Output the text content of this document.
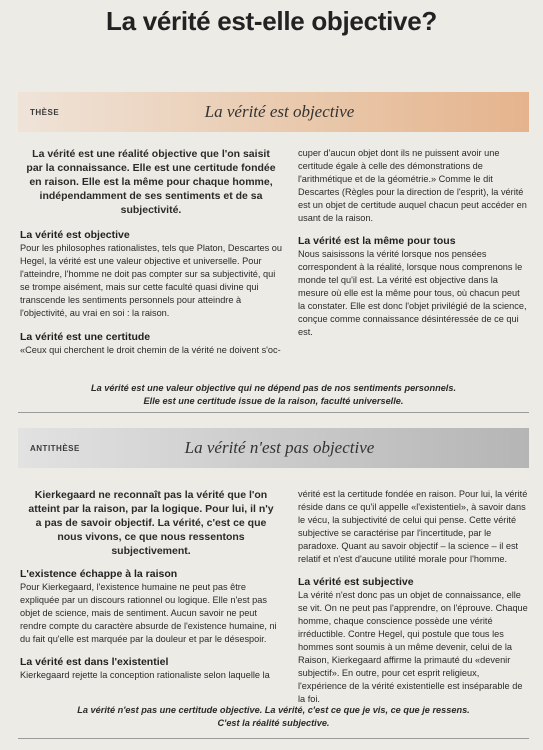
La vérité est-elle objective?
THÈSE	La vérité est objective

La vérité est une réalité objective que l'on saisit par la connaissance. Elle est une certitude fondée en raison. Elle est la même pour chaque homme, indépendamment de ses sentiments et de sa subjectivité.

La vérité est objective

Pour les philosophes rationalistes, tels que Platon, Descartes ou Hegel, la vérité est une valeur objective et universelle. Pour l'atteindre, l'homme ne doit pas compter sur sa subjectivité, qui se trompe aisément, mais sur cette faculté quasi divine qui transcende les sentiments personnels pour atteindre à l'objectivité, au vrai en soi : la raison.

La vérité est une certitude

«Ceux qui cherchent le droit chemin de la vérité ne doivent s'oc-

cuper d'aucun objet dont ils ne puissent avoir une certitude égale à celle des démonstrations de l'arithmétique et de la géométrie.» Comme le dit Descartes (Règles pour la direction de l'esprit), la vérité est un objet de certitude auquel chacun peut accéder en usant de la raison.

La vérité est la même pour tous

Nous saisissons la vérité lorsque nos pensées correspondent à la réalité, lorsque nous comprenons le monde tel qu'il est. La vérité est objective dans la mesure où elle est la même pour tous, où chacun peut la constater. Elle est donc l'objet privilégié de la science, conçue comme connaissance désintéressée de ce qui est.

La vérité est une valeur objective qui ne dépend pas de nos sentiments personnels.
Elle est une certitude issue de la raison, faculté universelle.
ANTITHÈSE	La vérité n'est pas objective

Kierkegaard ne reconnaît pas la vérité que l'on atteint par la raison, par la logique. Pour lui, il n'y a pas de savoir objectif. La vérité, c'est ce que nous vivons, ce que nous ressentons subjectivement.

L'existence échappe à la raison

Pour Kierkegaard, l'existence humaine ne peut pas être expliquée par un discours rationnel ou logique. Elle n'est pas objet de science, mais de sentiment. Aucun savoir ne peut rendre compte du caractère absurde de l'existence humaine, ni du fait qu'elle est marquée par la douleur et par le désespoir.

La vérité est dans l'existentiel

Kierkegaard rejette la conception rationaliste selon laquelle la

vérité est la certitude fondée en raison. Pour lui, la vérité réside dans ce qu'il appelle «l'existentiel», à savoir dans le vécu, la subjectivité de celui qui pense. Cette vérité subjective se caractérise par l'incertitude, par le paradoxe. Quant au savoir objectif – la science – il est relatif et n'est d'aucune utilité morale pour l'homme.

La vérité est subjective

La vérité n'est donc pas un objet de connaissance, elle se vit. On ne peut pas l'apprendre, on l'éprouve. Chaque homme, chaque conscience possède une vérité irréductible. Contre Hegel, qui postule que tous les hommes sont soumis à un même devenir, celui de la Raison, Kierkegaard affirme la primauté du «devenir subjectif». En outre, pour cet esprit religieux, l'expérience de la vérité existentielle est inséparable de la foi.

La vérité n'est pas une certitude objective. La vérité, c'est ce que je vis, ce que je ressens.
C'est la réalité subjective.
